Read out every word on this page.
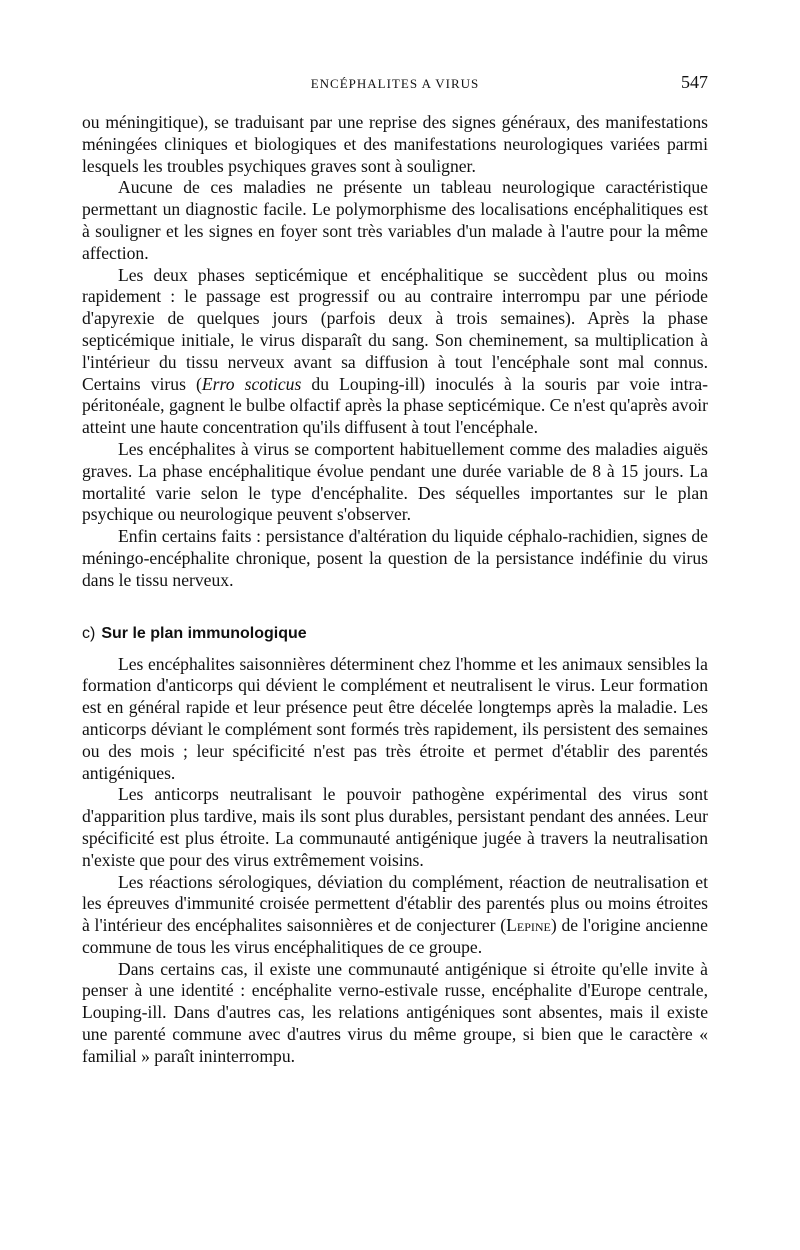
ENCÉPHALITES A VIRUS	547

ou méningitique), se traduisant par une reprise des signes généraux, des manifestations méningées cliniques et biologiques et des manifestations neurologiques variées parmi lesquels les troubles psychiques graves sont à souligner.

Aucune de ces maladies ne présente un tableau neurologique caractéristique permettant un diagnostic facile. Le polymorphisme des localisations encéphalitiques est à souligner et les signes en foyer sont très variables d'un malade à l'autre pour la même affection.

Les deux phases septicémique et encéphalitique se succèdent plus ou moins rapidement : le passage est progressif ou au contraire interrompu par une période d'apyrexie de quelques jours (parfois deux à trois semaines). Après la phase septicémique initiale, le virus disparaît du sang. Son cheminement, sa multiplication à l'intérieur du tissu nerveux avant sa diffusion à tout l'encéphale sont mal connus. Certains virus (Erro scoticus du Louping-ill) inoculés à la souris par voie intra-péritonéale, gagnent le bulbe olfactif après la phase septicémique. Ce n'est qu'après avoir atteint une haute concentration qu'ils diffusent à tout l'encéphale.

Les encéphalites à virus se comportent habituellement comme des maladies aiguës graves. La phase encéphalitique évolue pendant une durée variable de 8 à 15 jours. La mortalité varie selon le type d'encéphalite. Des séquelles importantes sur le plan psychique ou neurologique peuvent s'observer.

Enfin certains faits : persistance d'altération du liquide céphalo-rachidien, signes de méningo-encéphalite chronique, posent la question de la persistance indéfinie du virus dans le tissu nerveux.

c) Sur le plan immunologique

Les encéphalites saisonnières déterminent chez l'homme et les animaux sensibles la formation d'anticorps qui dévient le complément et neutralisent le virus. Leur formation est en général rapide et leur présence peut être décelée longtemps après la maladie. Les anticorps déviant le complément sont formés très rapidement, ils persistent des semaines ou des mois ; leur spécificité n'est pas très étroite et permet d'établir des parentés antigéniques.

Les anticorps neutralisant le pouvoir pathogène expérimental des virus sont d'apparition plus tardive, mais ils sont plus durables, persistant pendant des années. Leur spécificité est plus étroite. La communauté antigénique jugée à travers la neutralisation n'existe que pour des virus extrêmement voisins.

Les réactions sérologiques, déviation du complément, réaction de neutralisation et les épreuves d'immunité croisée permettent d'établir des parentés plus ou moins étroites à l'intérieur des encéphalites saisonnières et de conjecturer (Lepine) de l'origine ancienne commune de tous les virus encéphalitiques de ce groupe.

Dans certains cas, il existe une communauté antigénique si étroite qu'elle invite à penser à une identité : encéphalite verno-estivale russe, encéphalite d'Europe centrale, Louping-ill. Dans d'autres cas, les relations antigéniques sont absentes, mais il existe une parenté commune avec d'autres virus du même groupe, si bien que le caractère « familial » paraît ininterrompu.
